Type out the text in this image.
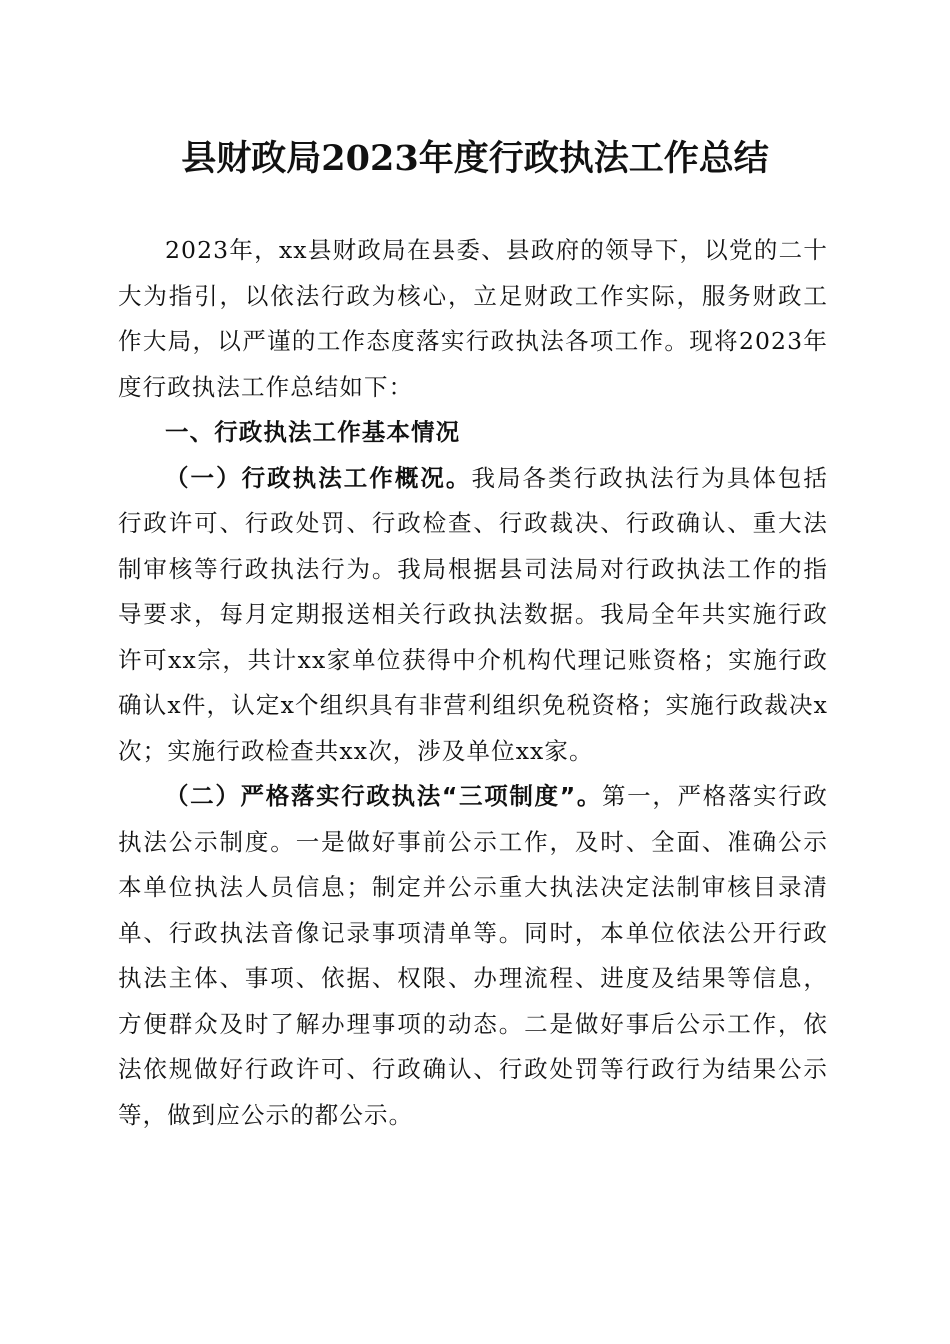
县财政局2023年度行政执法工作总结

2023年，xx县财政局在县委、县政府的领导下，以党的二十大为指引，以依法行政为核心，立足财政工作实际，服务财政工作大局，以严谨的工作态度落实行政执法各项工作。现将2023年度行政执法工作总结如下：

一、行政执法工作基本情况

（一）行政执法工作概况。我局各类行政执法行为具体包括行政许可、行政处罚、行政检查、行政裁决、行政确认、重大法制审核等行政执法行为。我局根据县司法局对行政执法工作的指导要求，每月定期报送相关行政执法数据。我局全年共实施行政许可xx宗，共计xx家单位获得中介机构代理记账资格；实施行政确认x件，认定x个组织具有非营利组织免税资格；实施行政裁决x次；实施行政检查共xx次，涉及单位xx家。

（二）严格落实行政执法“三项制度”。第一，严格落实行政执法公示制度。一是做好事前公示工作，及时、全面、准确公示本单位执法人员信息；制定并公示重大执法决定法制审核目录清单、行政执法音像记录事项清单等。同时，本单位依法公开行政执法主体、事项、依据、权限、办理流程、进度及结果等信息，方便群众及时了解办理事项的动态。二是做好事后公示工作，依法依规做好行政许可、行政确认、行政处罚等行政行为结果公示等，做到应公示的都公示。
